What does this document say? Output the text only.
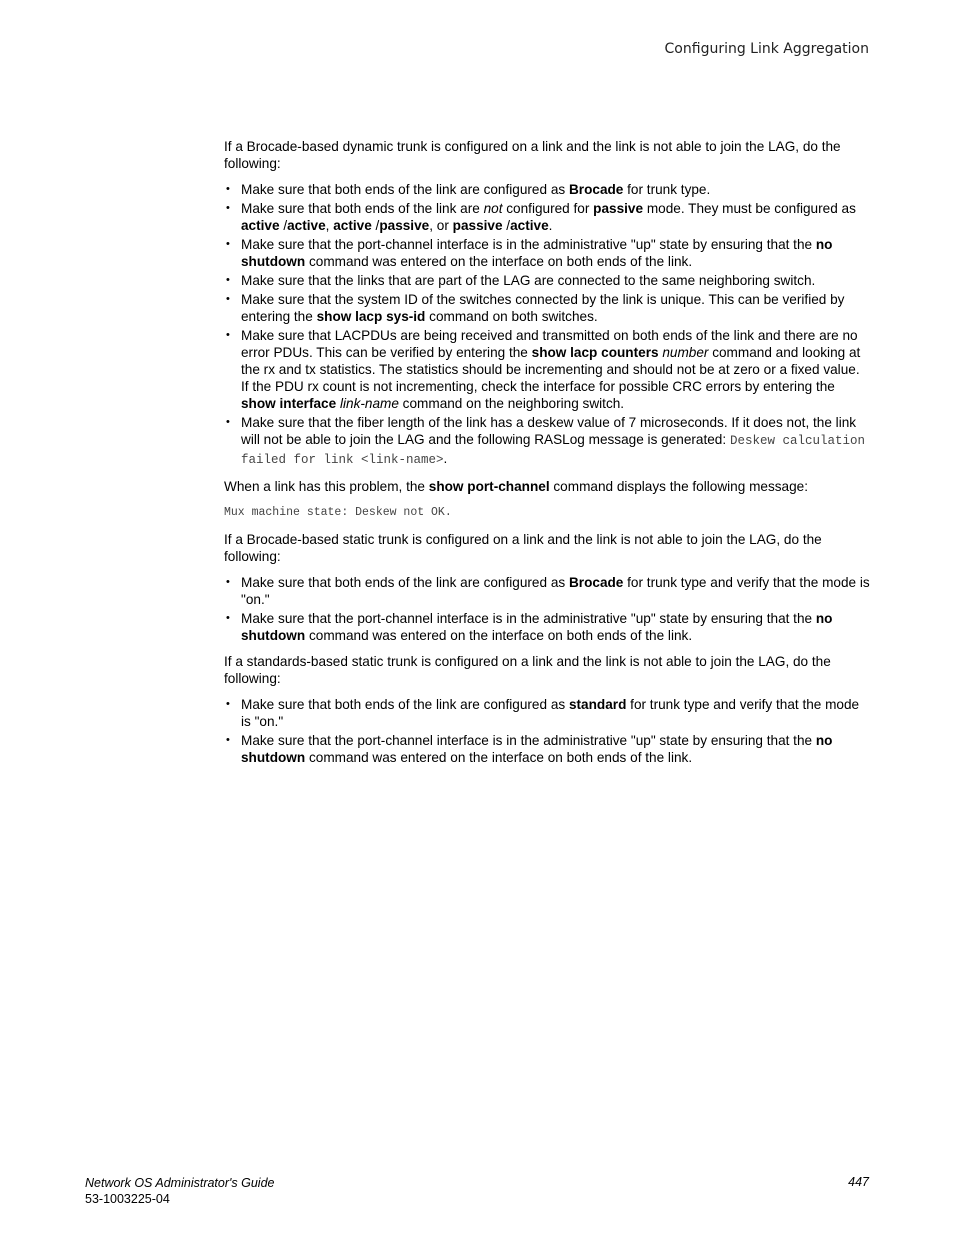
Configuring Link Aggregation

If a Brocade-based dynamic trunk is configured on a link and the link is not able to join the LAG, do the following:

• Make sure that both ends of the link are configured as Brocade for trunk type.
• Make sure that both ends of the link are not configured for passive mode. They must be configured as active /active, active /passive, or passive /active.
• Make sure that the port-channel interface is in the administrative "up" state by ensuring that the no shutdown command was entered on the interface on both ends of the link.
• Make sure that the links that are part of the LAG are connected to the same neighboring switch.
• Make sure that the system ID of the switches connected by the link is unique. This can be verified by entering the show lacp sys-id command on both switches.
• Make sure that LACPDUs are being received and transmitted on both ends of the link and there are no error PDUs. This can be verified by entering the show lacp counters number command and looking at the rx and tx statistics. The statistics should be incrementing and should not be at zero or a fixed value. If the PDU rx count is not incrementing, check the interface for possible CRC errors by entering the show interface link-name command on the neighboring switch.
• Make sure that the fiber length of the link has a deskew value of 7 microseconds. If it does not, the link will not be able to join the LAG and the following RASLog message is generated: Deskew calculation failed for link <link-name>.

When a link has this problem, the show port-channel command displays the following message:

Mux machine state: Deskew not OK.

If a Brocade-based static trunk is configured on a link and the link is not able to join the LAG, do the following:

• Make sure that both ends of the link are configured as Brocade for trunk type and verify that the mode is "on."
• Make sure that the port-channel interface is in the administrative "up" state by ensuring that the no shutdown command was entered on the interface on both ends of the link.

If a standards-based static trunk is configured on a link and the link is not able to join the LAG, do the following:

• Make sure that both ends of the link are configured as standard for trunk type and verify that the mode is "on."
• Make sure that the port-channel interface is in the administrative "up" state by ensuring that the no shutdown command was entered on the interface on both ends of the link.
Network OS Administrator's Guide
53-1003225-04
447
